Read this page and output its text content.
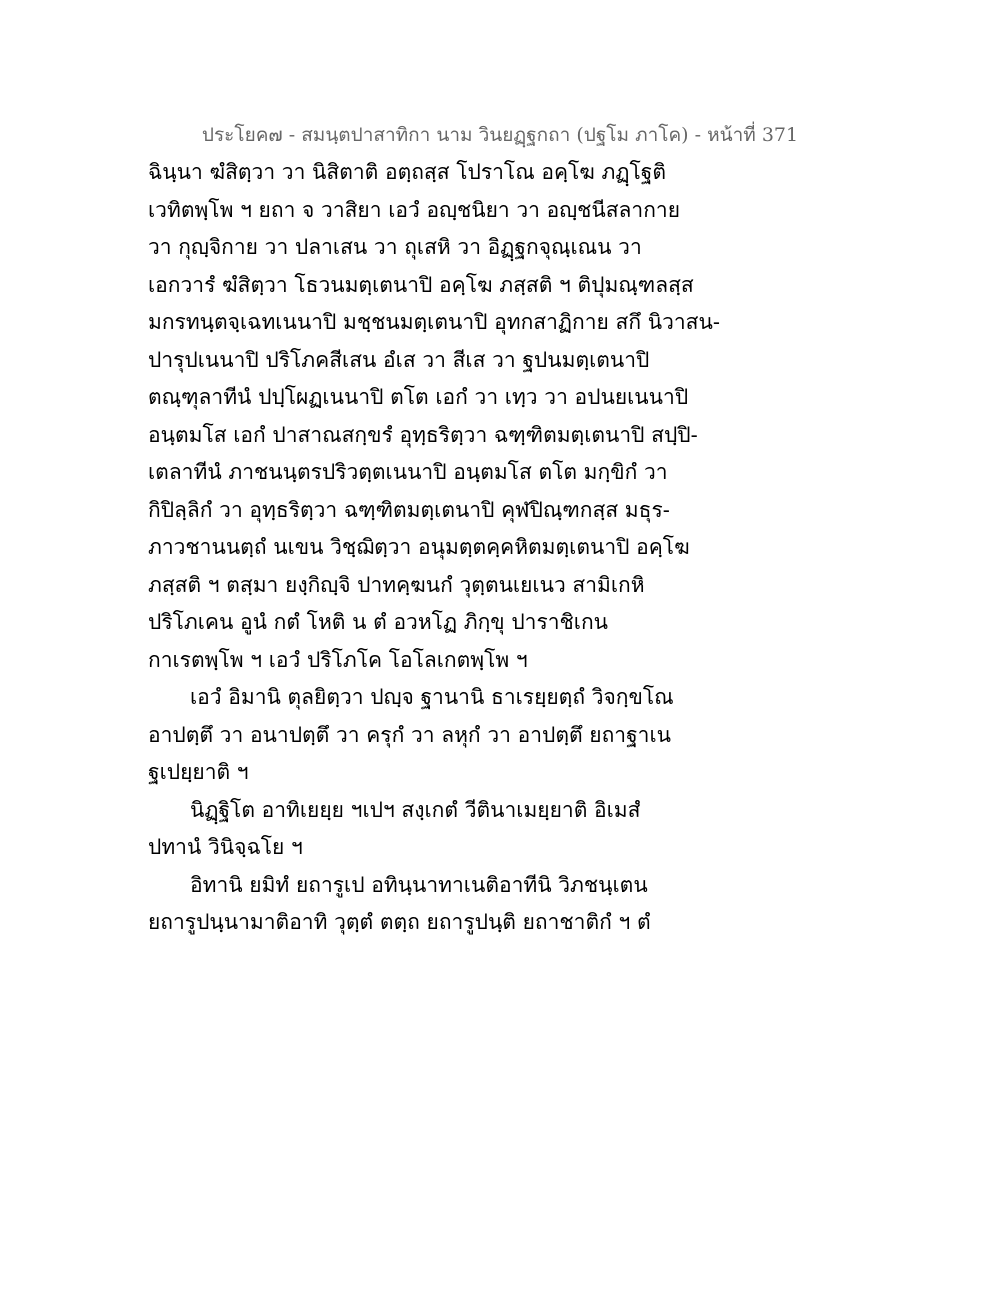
ประโยค๗ - สมนฺตปาสาทิกา นาม วินยฏฺฐกถา (ปฐโม ภาโค) - หน้าที่ 371
ฉินฺนา ฆํสิตฺวา วา นิสิตาติ อตฺถสฺส โปราโณ อคฺโฆ ภฏฺโฐติ
เวทิตพฺโพ ฯ ยถา จ วาสิยา เอวํ อญฺชนิยา วา อญฺชนีสลากาย
วา กุญฺจิกาย วา ปลาเสน วา ถุเสหิ วา อิฏฺฐกจุณฺเณน วา
เอกวารํ ฆํสิตฺวา โธวนมตฺเตนาปิ อคฺโฆ ภสฺสติ ฯ ติปุมณฺฑลสฺส
มกรทนฺตจฺเฉทเนนาปิ มชฺชนมตฺเตนาปิ อุทกสาฏิกาย สกึ นิวาสน-
ปารุปเนนาปิ ปริโภคสีเสน อํเส วา สีเส วา ฐปนมตฺเตนาปิ
ตณฺฑุลาทีนํ ปปฺโผฏเนนาปิ ตโต เอกํ วา เทฺว วา อปนยเนนาปิ
อนฺตมโส เอกํ ปาสาณสกฺขรํ อุทฺธริตฺวา ฉฑฺฑิตมตฺเตนาปิ สปฺปิ-
เตลาทีนํ ภาชนนฺตรปริวตฺตเนนาปิ อนฺตมโส ตโต มกฺขิกํ วา
กิปิลฺลิกํ วา อุทฺธริตฺวา ฉฑฺฑิตมตฺเตนาปิ คุฬปิณฺฑกสฺส มธุร-
ภาวชานนตฺถํ นเขน วิชฺฌิตฺวา อนุมตฺตคฺคหิตมตฺเตนาปิ อคฺโฆ
ภสฺสติ ฯ ตสฺมา ยงฺกิญฺจิ ปาทคฺฆนกํ วุตฺตนเยเนว สามิเกหิ
ปริโภเคน อูนํ กตํ โหติ น ตํ อวหโฏ ภิกฺขุ ปาราชิเกน
กาเรตพฺโพ ฯ เอวํ ปริโภโค โอโลเกตพฺโพ ฯ
เอวํ อิมานิ ตุลยิตฺวา ปญฺจ ฐานานิ ธาเรยฺยตฺถํ วิจกฺขโณ
อาปตฺตึ วา อนาปตฺตึ วา ครุกํ วา ลหุกํ วา อาปตฺตึ ยถาฐาเน
ฐเปยฺยาติ ฯ
นิฏฺฐิโต อาทิเยยฺย ฯเปฯ สงฺเกตํ วีตินาเมยฺยาติ อิเมสํ
ปทานํ วินิจฺฉโย ฯ
อิทานิ ยมิทํ ยถารูเป อทินฺนาทาเนติอาทีนิ วิภชนฺเตน
ยถารูปนฺนามาติอาทิ วุตฺตํ ตตฺถ ยถารูปนฺติ ยถาชาติกํ ฯ ตํ
